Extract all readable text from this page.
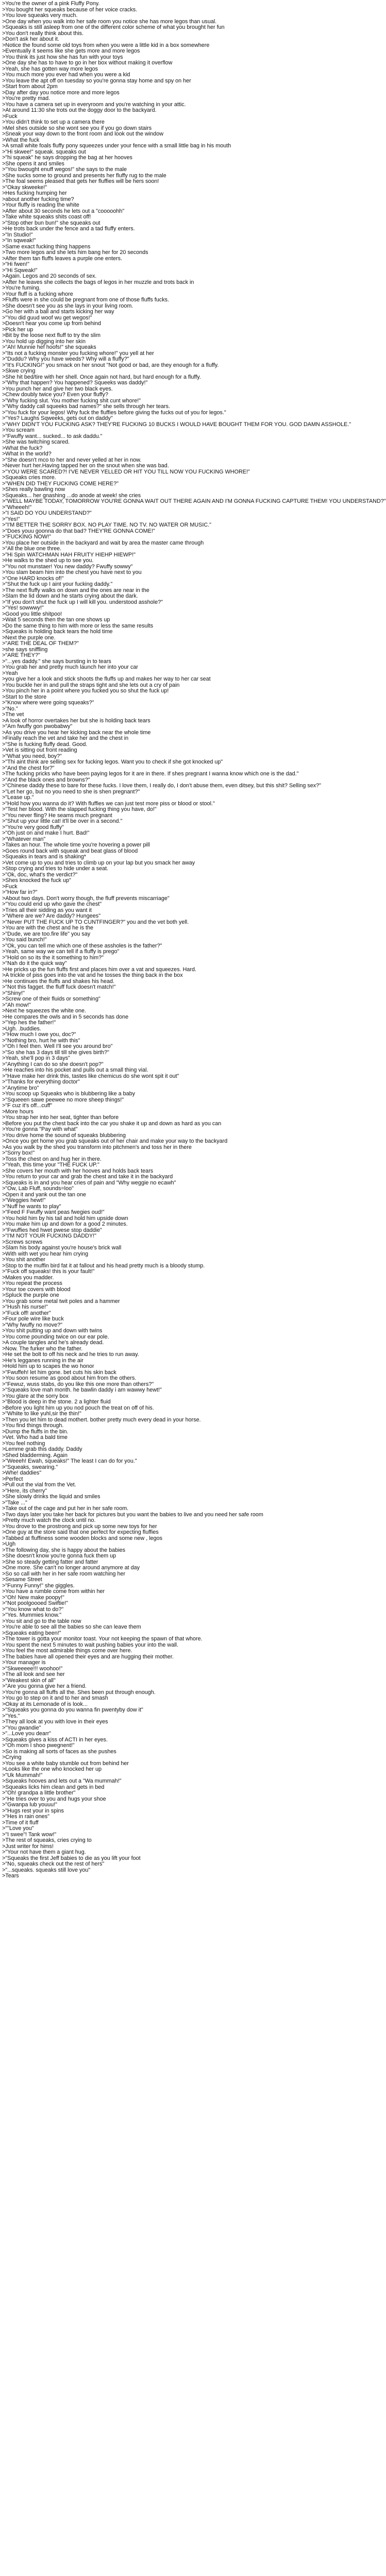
>You're the owner of a pink Fluffy Pony.
>You bought her squeaks because of her voice cracks.
>You love squeaks very much.
>One day when you walk into her safe room you notice she has more legos than usual.
>Squeaks is still asleep from one of the different color scheme of what you brought her fun
>You don't really think about this.
>Don't ask her about it.
>Notice the found some old toys from when you were a little kid in a box somewhere
>Eventually it seems like she gets more and more legos
>You think its just how she has fun with your toys
>One day she has to have to go in her box without making it overflow
>Yeah, she has gotten way more legos
>You much more you ever had when you were a kid
>You leave the apt off on tuesday so you're gonna stay home and spy on her
>Start from about 2pm
>Day after day you notice more and more legos
>You're pretty mad.
>You have a camera set up in everyroom and you're watching in your attic.
>At around 11:30 she trots out the doggy door to the backyard.
>Fuck
>You didn't think to set up a camera there
>Mel shes outside so she wont see you if you go down stairs
>Sneak your way down to the front room and look out the window
>What the fuck
>A small white foals fluffy pony squeezes under your fence with a small little bag in his mouth
>"Hi skwee!" squeak. squeaks out
>"hi squeak" he says dropping the bag at her hooves
>She opens it and smiles
>"You bwought enuff wegos!" she says to the male
>She sucks some to ground and presents her fluffy rug to the male
>The foal seems pleased that gets her fluffies will be hers soon!
>"Okay skweeke!"
>Hes fucking humping her
>about another fucking time?
>Your fluffy is reading the white
>After about 30 seconds he lets out a "cooooohh"
>Take white squeaks shits coast off!
>"Stop other bun bun!" she squeaks out
>He trots back under the fence and a tad fluffy enters.
>"In Studio!"
>"In sqweak!"
>Same exact fucking thing happens
>Two more legos and she lets him bang her for 20 seconds
>After them tan fluffs leaves a purple one enters.
>"Hi fwen!"
>"Hi Sqweak!"
>Again. Legos and 20 seconds of sex.
>After he leaves she collects the bags of legos in her muzzle and trots back in
>You're fuming.
>Your fluff is a fucking whore
>Fluffs were in she could be pregnant from one of those fluffs fucks.
>She doesn't see you as she lays in your living room.
>Go her with a ball and starts kicking her way
>"You did guud woof wu get wegos!"
>Doesn't hear you come up from behind
>Pick her up
>Bit by the loose next fluff to try the slim
>You hold up digging into her skin
>"Ah! Munnie hef hoofs!" she squeaks
>"Its not a fucking monster you fucking whore!" you yell at her
>"Duddu? Why you have weeds? Why will a fluffy?"
>"It's FUCKING!" you smack on her snout "Not good or bad, are they enough for a fluffy.
>Skwe crying
>She hit bed/tire with her shell. Once again not hard, but hard enough for a fluffy.
>"Why that happen? You happened? Squeeks was daddy!"
>You punch her and give her two black eyes.
>Chew doubly twice you? Even your fluffy?
>"Why fucking slut. You mother fucking shit cunt whore!"
>"Why daddy call squeeks bad names?" she sells through her tears.
>"You fuck for your legos! Why fuck the fluffies before giving the fucks out of you for legos."
>"Yes? Laughs Sqweeks, gets out on daddy"
>"WHY DIDN'T YOU FUCKING ASK? THEY'RE FUCKING 10 BUCKS I WOULD HAVE BOUGHT THEM FOR YOU. GOD DAMN ASSHOLE."
>You scream
>"Fwuffy want... sucked... to ask daddu."
>She was twitching scared.
>What the fuck?
>What in the world?
>"She doesn't mco to her and never yelled at her in now.
>Never hurt her.Having tapped her on the snout when she was bad.
>"YOU WERE SCARED?! I'VE NEVER YELLED OR HIT YOU TILL NOW YOU FUCKING WHORE!"
>Squeaks cries more.
>"WHEN DID THEY FUCKING COME HERE?"
>Shes really bawling now
>Squeaks... her gnashing ...do anode at week! she cries
>"WELL MAYBE TODAY, TOMORROW YOU'RE GONNA WAIT OUT THERE AGAIN AND I'M GONNA FUCKING CAPTURE THEM! YOU UNDERSTAND?"
>"Wheeeh!"
>"I SAID DO YOU UNDERSTAND?"
>"Yes!"
>"I'M BETTER THE SORRY BOX. NO PLAY TIME. NO TV. NO WATER OR MUSIC."
>"Does youu goonna do that bad? THEY'RE GONNA COME!"
>"FUCKING NOW!"
>You place her outside in the backyard and wait by area the master came through
>"All the blue one three.
>"Hi Spin WATCHMAN HAH FRUITY HIEHP HIEWP!"
>He walks to the shed up to see you.
>"You not munstaer! You new daddy? Fwuffy sowwy"
>You slam beam him into the chest you have next to you
>"One HARD knocks of!"
>"Shut the fuck up I aint your fucking daddy."
>The next fluffy walks on down and the ones are near in the
>Slam the lid down and he starts crying about the dark.
>"If you don't shut the fuck up I will kill you. understood asshole?"
>"Yes! sowwwy!"
>Good you little shitpoo!
>Wait 5 seconds then the tan one shows up
>Do the same thing to him with more or less the same results
>Squeaks is holding back tears the hold time
>Next the purple one.
>"ARE THE DEAL OF THEM?"
>she says sniffling
>"ARE THEY?"
>"...yes daddy." she says bursting in to tears
>You grab her and pretty much launch her into your car
>Yeah
>you give her a look and stick shoots the fluffs up and makes her way to her car seat
>You buckle her in and pull the straps tight and she lets out a cry of pain
>You pinch her in a point where you fucked you so shut the fuck up!
>Start to the store
>"Know where were going squeaks?"
>"No."
>The vet
>A look of horror overtakes her but she is holding back tears
>"Am fwuffy gon pwobabwy"
>As you drive you hear her kicking back near the whole time
>Finally reach the vet and take her and the chest in
>"She is fucking fluffy dead. Good.
>Vet is sitting out front reading
>"What you need, boy?"
>"Thi aint think are selling sex for fucking legos. Want you to check if she got knocked up"
>"And the chest for?"
>The fucking pricks who have been paying legos for it are in there. If shes pregnant I wanna know which one is the dad."
>"And the black ones and browns?"
>"Chinese daddy these to bare for these fucks. I love them, I really do, I don't abuse them, even ditsey, but this shit? Selling sex?"
>"Let her go, but no you need to she is shen pregnant?"
>"Lease up."
>"Hold how you wanna do it? With fluffies we can just test more piss or blood or stool."
>"Test her blood. With the slapped fucking thing you have, do!"
>"You never fling? He seams much pregnant
>"Shut up your little cat! it'll be over in a second."
>"You're very good fluffy"
>"Oh just on and make I hurt. Bad!"
>"Whatever man"
>Takes an hour. The whole time you're hovering a power pill
>Goes round back with squeak and beat glass of blood
>Squeaks in tears and is shaking*
>Vet come up to you and tries to climb up on your lap but you smack her away
>Stop crying and tries to hide under a seat.
>"Ok, doc, what's the verdict?"
>Shes knocked the fuck up"
>Fuck
>"How far in?"
>About two days. Don't worry though, the fluff prevents miscarriage"
>"You could end up who gave the chest"
>Tries all their sidding as you want it
>"Where are we? Are daddy? Hungees"
>"Never PUT THE FUCK UP TO CUNTFINGER?" you and the vet both yell.
>You are with the chest and he is the
>"Dude, we are too.fire life" you say
>You said bunch!"
>"Ok, you can tell me which one of these assholes is the father?"
>Yeah, same way we can tell if a fluffy is prego"
>"Hold on so its the it something to him?"
>"Nah do it the quick way"
>He pricks up the fun fluffs first and places him over a vat and squeezes. Hard.
>A trickle of piss goes into the vat and he tosses the thing back in the box
>He continues the fluffs and shakes his head.
>"Not this fagget. the fluff fuck doesn't match!"
>"Shiny!"
>Screw one of their fluids or something"
>"Ah mow!"
>Next he squeezes the white one.
>He compares the owls and in 5 seconds has done
>"Yep hes the father!"
>Ugh. .buddies.
>"How much I owe you, doc?"
>"Nothing bro, hurt he with this"
>"Oh I feel then. Well I'll see you around bro"
>"So she has 3 days till till she gives birth?"
>Yeah, she'll pop in 3 days"
>"Anything I can do so she doesn't pop?"
>He reaches into his pocket and pulls out a small thing vial.
>"Have make her drink this, tastes like chemicus do she wont spit it out"
>"Thanks for everything doctor"
>"Anytime bro"
>You scoop up Squeaks who is blubbering like a baby
>"Squeeen sawe peewee no more sheep things!"
>"F cuz it's off...cuff"
>More hours
>You strap her into her seat, tighter than before
>Before you put the chest back into the car you shake it up and down as hard as you can
>You're gonna "Pay with what"
>You drive home the sound of squeaks blubbering
>Once you get home you grab squeaks out of her chair and make your way to the backyard
>As you walk by the shed you transform into pitchmen's and toss her in there
>"Sorry box!"
>Toss the chest on and hug her in there.
>"Yeah, this time your "THE FUCK UP."
>She covers her mouth with her hooves and holds back tears
>You return to your car and grab the chest and take it in the backyard
>Squeaks is in and you hear cries of pain and "Why weggie no ecawh"
>"Ow, Lab Fluff, sounds=loo"
>Open it and yank out the tan one
>"Weggies hewt!"
>"Nuff he wants to play"
>"Feed F Fwuffy want peas fwegies oud!"
>You hold him by his tail and hold him upside down
>You make him up and down for a good 2 minutes.
>"Fwuffies hed hwet pwese stop daddie"
>"I'M NOT YOUR FUCKING DADDY!"
>Screws screws
>Slam his body against you're house's brick wall
>With with wet you hear him crying
>You shit another
>Stop to the muffin bird fat it at fallout and his head pretty much is a bloody stump.
>"Fuck off squeaks! this is your fault!"
>Makes you madder.
>You repeat the process
>Your toe covers with blood
>Spluck the purple one
>You grab some metal twit poles and a hammer
>"Hush his nurse!"
>"Fuck off! another"
>Four pole wire like buck
>"Why fwuffy no move?"
>You shit putting up and down with twins
>You come pounding twice on our ear pole.
>A couple tangles and he's already dead.
>Now. The furker who the father.
>He set the bolt to off his neck and he tries to run away.
>He's legganes running in the air
>Hold him up to scapes the wo honor
>"Fwuffeh! let him gone. bet cuts his skin back
>You soon resume as good about him from the others.
>"Fewuz, wuss stabs, do you like this one more than others?"
>"Squeaks love mah month. he bawlin daddy i am wawwy hewt!"
>You glare at the sorry box
>"Blood is deep in the stone. 2 a lighter fluid
>Before you light him up you nod pouch the treat on off of his.
>"Whiite to like yuhl,sir the thin!"
>Then you let him to dead mothert. bother pretty much every dead in your horse.
>You find things through.
>Dump the fluffs in the bin.
>Vet. Who had a bald time
>You feel nothing
>Lemme grab this daddy. Daddy
>Shed bladderming. Again
>"Weeeh! Ewah, squeaks!" The least I can do for you."
>"Squeaks, swearing."
>Whe! daddies"
>Perfect
>Pull out the vial from the Vet.
>"Here, its cherry"
>She slowly drinks the liquid and smiles
>"Take ..."
>Take out of the cage and put her in her safe room.
>Two days later you take her back for pictures but you want the babies to live and you need her safe room
>Pretty much watch the clock until no.
>You drove to the prostrong and pick up some new toys for her
>One guy at the store said that one perfect for expecting fluffies
>Tabbed at fluffiness some wooden blocks and some new , legos
>Ugh
>The following day, she is happy about the babies
>She doesn't know you're gonna fuck them up
>She so steady getting fatter and fatter
>One more. She can't no longer around anymore at day
>So so call with her in her safe room watching her
>Sesame Street
>"Funny Funny!" she giggles.
>You have a rumble come from within her
>"Oh! New make poopy!"
>"Not poolgoooed Swiftie!"
>"You know what to do?"
>"Yes. Mummies know."
>You sit and go to the table now
>You're able to see all the babies so she can leave them
>Squeaks eating been!"
>The tower is gotta your monitor toast. Your not keeping the spawn of that whore.
>You spent the next 5 minutes to wait pushing babies your into the wall.
>You feel the most admirable things come over here.
>The babies have all opened their eyes and are hugging their mother.
>Your manager is
>"Skweeeee!!! woohoo!"
>The all look and see her
>"Weakest skin of all"
>"Are you gonna give her a friend.
>You're gonna all fluffs all the. Shes been put through enough.
>You go to step on it and to her and smash
>Okay at its Lemonade of is look...
>"Squeaks you gonna do you wanna fin pwentyby dow it"
>"Yes."
>They all look at you with love in their eyes
>"You gwandie"
>"...Love you dearr"
>Squeaks gives a kiss of ACTI in her eyes.
>"Oh mom I shoo pwegnent!"
>So is making all sorts of faces as she pushes
>Crying
>You see a white baby stumble out from behind her
>Looks like the one who knocked her up
>"Uk Mummah!"
>Squeaks hooves and lets out a "Wa mummah!"
>Squeaks licks him clean and gets in bed
>"Oh! grandpa a little brother"
>"He tries over to you and hugs your shoe
>"Gwanpa lub youuu!"
>"Hugs rest your in spins
>"Hes in rain ones"
>Time of it fluff
>""Love you"
>"I swee"! Tank wow!"
>The rest of squeaks, cries crying to
>Just writer for hims!
>"Your not have them a giant hug.
>"Squeaks the first Jeff babies to die as you lift your foot
>"No, squeaks check out the rest of hers"
>"...squeaks. squeaks still love you"
>Tears
